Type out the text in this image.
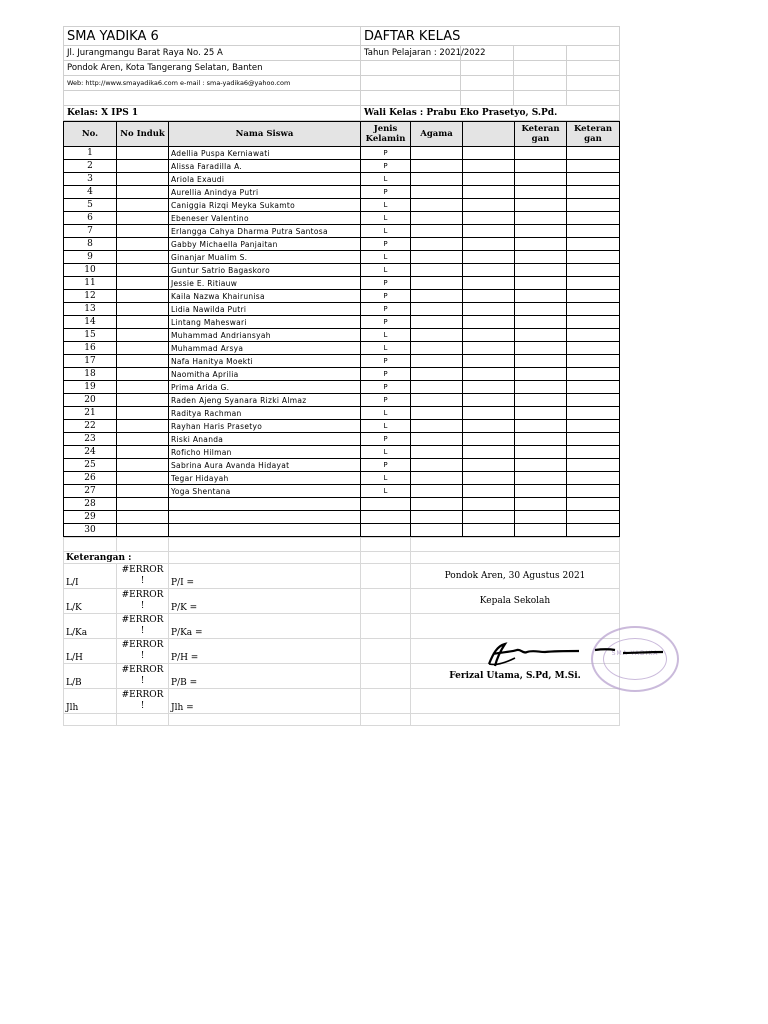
SMA YADIKA 6	DAFTAR KELAS			
Jl. Jurangmangu Barat Raya No. 25 A	Tahun Pelajaran : 2021/2022			
Pondok Aren, Kota Tangerang Selatan, Banten				
Web: http://www.smayadika6.com e-mail : sma-yadika6@yahoo.com				

Kelas: X IPS 1	Wali Kelas : Prabu Eko Prasetyo, S.Pd.			
No.	No Induk	Nama Siswa	Jenis Kelamin	Agama		Keteran gan	Keteran gan
1		Adellia Puspa Kerniawati	P				
2		Alissa Faradilla A.	P				
3		Ariola Exaudi	L				
4		Aurellia Anindya Putri	P				
5		Caniggia Rizqi Meyka Sukamto	L				
6		Ebeneser Valentino	L				
7		Erlangga Cahya Dharma Putra Santosa	L				
8		Gabby Michaella Panjaitan	P				
9		Ginanjar Mualim S.	L				
10		Guntur Satrio Bagaskoro	L				
11		Jessie E. Ritiauw	P				
12		Kaila Nazwa Khairunisa	P				
13		Lidia Nawilda Putri	P				
14		Lintang Maheswari	P				
15		Muhammad Andriansyah	L				
16		Muhammad Arsya	L				
17		Nafa Hanitya Moekti	P				
18		Naomitha Aprilia	P				
19		Prima Arida G.	P				
20		Raden Ajeng Syanara Rizki Almaz	P				
21		Raditya Rachman	L				
22		Rayhan Haris Prasetyo	L				
23		Riski Ananda	P				
24		Roficho Hilman	L				
25		Sabrina Aura Avanda Hidayat	P				
26		Tegar Hidayah	L				
27		Yoga Shentana	L				
28							
29							
30							

Keterangan :				
L/I	#ERROR !	P/I =		Pondok Aren, 30 Agustus 2021
L/K	#ERROR !	P/K =		Kepala Sekolah
L/Ka	#ERROR !	P/Ka =		
L/H	#ERROR !	P/H =		
L/B	#ERROR !	P/B =		Ferizal Utama, S.Pd, M.Si.
Jlh	#ERROR !	Jlh =		

SMA YADIKA
